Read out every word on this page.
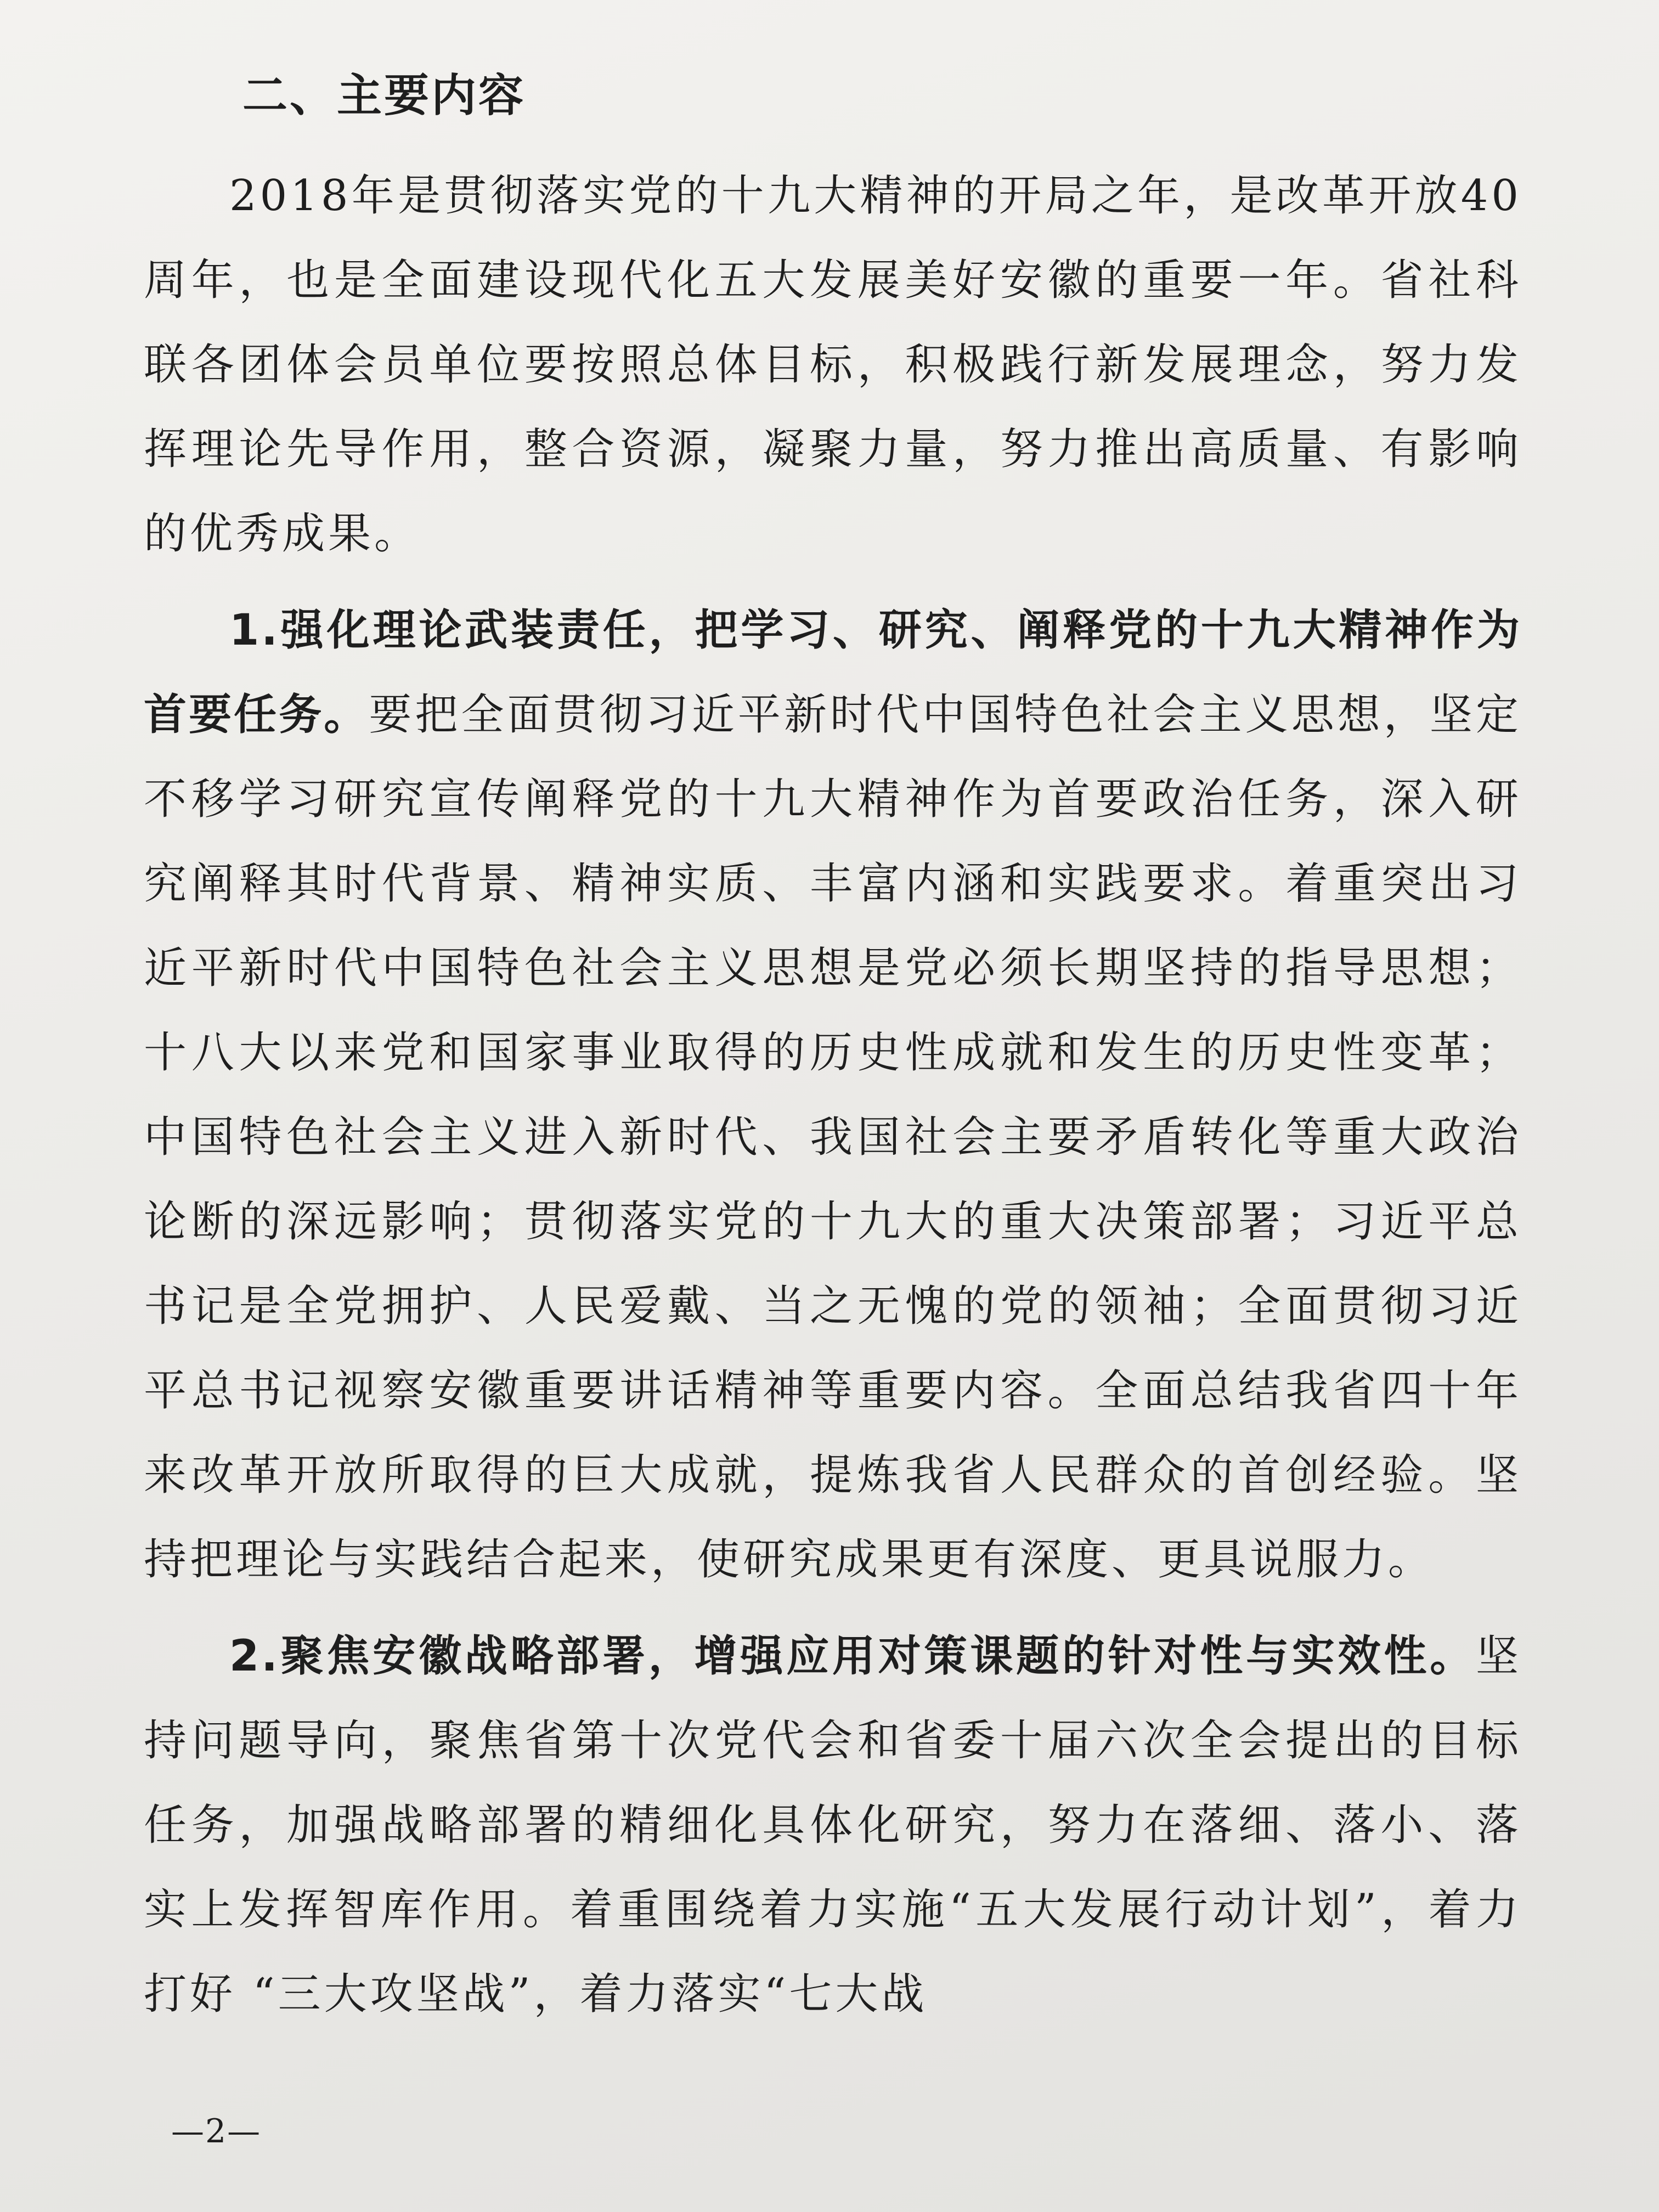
二、主要内容

2018年是贯彻落实党的十九大精神的开局之年，是改革开放40周年，也是全面建设现代化五大发展美好安徽的重要一年。省社科联各团体会员单位要按照总体目标，积极践行新发展理念，努力发挥理论先导作用，整合资源，凝聚力量，努力推出高质量、有影响的优秀成果。

1.强化理论武装责任，把学习、研究、阐释党的十九大精神作为首要任务。要把全面贯彻习近平新时代中国特色社会主义思想，坚定不移学习研究宣传阐释党的十九大精神作为首要政治任务，深入研究阐释其时代背景、精神实质、丰富内涵和实践要求。着重突出习近平新时代中国特色社会主义思想是党必须长期坚持的指导思想；十八大以来党和国家事业取得的历史性成就和发生的历史性变革；中国特色社会主义进入新时代、我国社会主要矛盾转化等重大政治论断的深远影响；贯彻落实党的十九大的重大决策部署；习近平总书记是全党拥护、人民爱戴、当之无愧的党的领袖；全面贯彻习近平总书记视察安徽重要讲话精神等重要内容。全面总结我省四十年来改革开放所取得的巨大成就，提炼我省人民群众的首创经验。坚持把理论与实践结合起来，使研究成果更有深度、更具说服力。

2.聚焦安徽战略部署，增强应用对策课题的针对性与实效性。坚持问题导向，聚焦省第十次党代会和省委十届六次全会提出的目标任务，加强战略部署的精细化具体化研究，努力在落细、落小、落实上发挥智库作用。着重围绕着力实施“五大发展行动计划”，着力打好 “三大攻坚战”，着力落实“七大战

—2—
